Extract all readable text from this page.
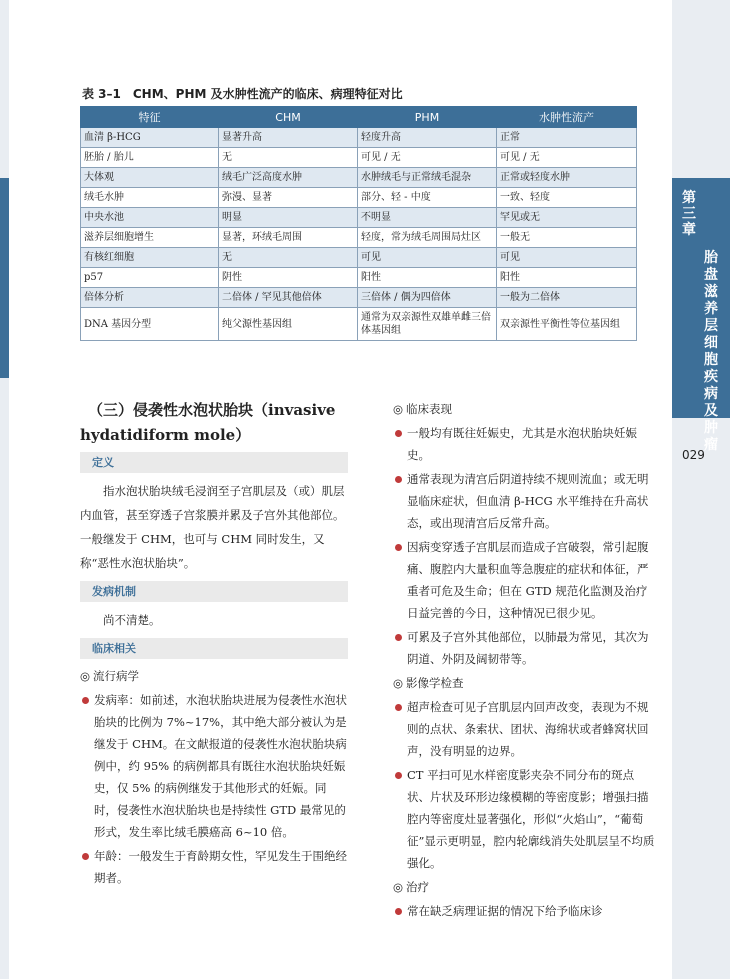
第三章
胎盘滋养层细胞疾病及肿瘤
029
表 3–1　CHM、PHM 及水肿性流产的临床、病理特征对比
特征	CHM	PHM	水肿性流产
血清 β-HCG	显著升高	轻度升高	正常
胚胎 / 胎儿	无	可见 / 无	可见 / 无
大体观	绒毛广泛高度水肿	水肿绒毛与正常绒毛混杂	正常或轻度水肿
绒毛水肿	弥漫、显著	部分、轻 - 中度	一致、轻度
中央水池	明显	不明显	罕见或无
滋养层细胞增生	显著，环绒毛周围	轻度，常为绒毛周围局灶区	一般无
有核红细胞	无	可见	可见
p57	阴性	阳性	阳性
倍体分析	二倍体 / 罕见其他倍体	三倍体 / 偶为四倍体	一般为二倍体
DNA 基因分型	纯父源性基因组	通常为双亲源性双雄单雌三倍体基因组	双亲源性平衡性等位基因组
（三）侵袭性水泡状胎块（invasive hydatidiform mole）
定义
指水泡状胎块绒毛浸润至子宫肌层及（或）肌层内血管，甚至穿透子宫浆膜并累及子宫外其他部位。一般继发于 CHM，也可与 CHM 同时发生，又称“恶性水泡状胎块”。
发病机制
尚不清楚。
临床相关
◎ 流行病学
发病率：如前述，水泡状胎块进展为侵袭性水泡状胎块的比例为 7%~17%，其中绝大部分被认为是继发于 CHM。在文献报道的侵袭性水泡状胎块病例中，约 95% 的病例都具有既往水泡状胎块妊娠史，仅 5% 的病例继发于其他形式的妊娠。同时，侵袭性水泡状胎块也是持续性 GTD 最常见的形式，发生率比绒毛膜癌高 6~10 倍。
年龄：一般发生于育龄期女性，罕见发生于围绝经期者。
◎ 临床表现
一般均有既往妊娠史，尤其是水泡状胎块妊娠史。
通常表现为清宫后阴道持续不规则流血；或无明显临床症状，但血清 β-HCG 水平维持在升高状态，或出现清宫后反常升高。
因病变穿透子宫肌层而造成子宫破裂，常引起腹痛、腹腔内大量积血等急腹症的症状和体征，严重者可危及生命；但在 GTD 规范化监测及治疗日益完善的今日，这种情况已很少见。
可累及子宫外其他部位，以肺最为常见，其次为阴道、外阴及阔韧带等。
◎ 影像学检查
超声检查可见子宫肌层内回声改变，表现为不规则的点状、条索状、团状、海绵状或者蜂窝状回声，没有明显的边界。
CT 平扫可见水样密度影夹杂不同分布的斑点状、片状及环形边缘模糊的等密度影；增强扫描腔内等密度灶显著强化，形似“火焰山”，“葡萄征”显示更明显，腔内轮廓线消失处肌层呈不均质强化。
◎ 治疗
常在缺乏病理证据的情况下给予临床诊
